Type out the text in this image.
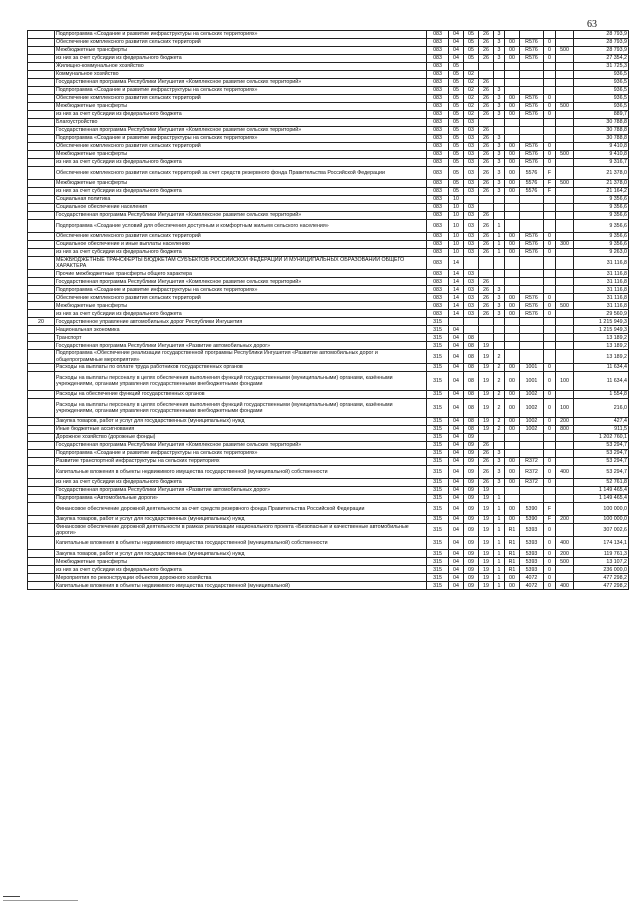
63
	Подпрограмма «Создание и развитие инфраструктуры на сельских территориях»	083	04	05	26	3					28 793,9
	Обеспечение комплексного развития сельских территорий	083	04	05	26	3	00	R576	0		28 793,9
	Межбюджетные трансферты	083	04	05	26	3	00	R576	0	500	28 793,9
	из них за счет субсидии из федерального бюджета	083	04	05	26	3	00	R576	0		27 354,2
	Жилищно-коммунальное хозяйство	083	05								31 725,3
	Коммунальное хозяйство	083	05	02							936,5
	Государственная программа Республики Ингушетия «Комплексное развитие сельских территорий»	083	05	02	26						936,5
	Подпрограмма «Создание и развитие инфраструктуры на сельских территориях»	083	05	02	26	3					936,5
	Обеспечение комплексного развития сельских территорий	083	05	02	26	3	00	R576	0		936,5
	Межбюджетные трансферты	083	05	02	26	3	00	R576	0	500	936,5
	из них за счет субсидии из федерального бюджета	083	05	02	26	3	00	R576	0		889,7
	Благоустройство	083	05	03							30 788,8
	Государственная программа Республики Ингушетия «Комплексное развитие сельских территорий»	083	05	03	26						30 788,8
	Подпрограмма «Создание и развитие инфраструктуры на сельских территориях»	083	05	03	26	3					30 788,8
	Обеспечение комплексного развития сельских территорий	083	05	03	26	3	00	R576	0		9 410,8
	Межбюджетные трансферты	083	05	03	26	3	00	R576	0	500	9 410,8
	из них за счет субсидии из федерального бюджета	083	05	03	26	3	00	R576	0		9 316,7
	Обеспечение комплексного развития сельских территорий за счет средств резервного фонда Правительства Российской Федерации	083	05	03	26	3	00	5576	F		21 378,0
	Межбюджетные трансферты	083	05	03	26	3	00	5576	F	500	21 378,0
	из них за счет субсидии из федерального бюджета	083	05	03	26	3	00	5576	F		21 164,2
	Социальная политика	083	10								9 356,6
	Социальное обеспечение населения	083	10	03							9 356,6
	Государственная программа Республики Ингушетия «Комплексное развитие сельских территорий»	083	10	03	26						9 356,6
	Подпрограмма «Создание условий для обеспечения доступным и комфортным жильем сельского населения»	083	10	03	26	1					9 356,6
	Обеспечение комплексного развития сельских территорий	083	10	03	26	1	00	R576	0		9 356,6
	Социальное обеспечение и иные выплаты населению	083	10	03	26	1	00	R576	0	300	9 356,6
	из них за счет субсидии из федерального бюджета	083	10	03	26	1	00	R576	0		9 263,0
	МЕЖБЮДЖЕТНЫЕ ТРАНСФЕРТЫ БЮДЖЕТАМ СУБЪЕКТОВ РОССИЙСКОЙ ФЕДЕРАЦИИ И МУНИЦИПАЛЬНЫХ ОБРАЗОВАНИЙ ОБЩЕГО ХАРАКТЕРА	083	14								31 116,8
	Прочие межбюджетные трансферты общего характера	083	14	03							31 116,8
	Государственная программа Республики Ингушетия «Комплексное развитие сельских территорий»	083	14	03	26						31 116,8
	Подпрограмма «Создание и развитие инфраструктуры на сельских территориях»	083	14	03	26	3					31 116,8
	Обеспечение комплексного развития сельских территорий	083	14	03	26	3	00	R576	0		31 116,8
	Межбюджетные трансферты	083	14	03	26	3	00	R576	0	500	31 116,8
	из них за счет субсидии из федерального бюджета	083	14	03	26	3	00	R576	0		29 560,9
20	Государственное управление автомобильных дорог Республики Ингушетия	315									1 215 949,3
	Национальная экономика	315	04								1 215 949,3
	Транспорт	315	04	08							13 189,2
	Государственная программа Республики Ингушетия «Развитие автомобильных дорог»	315	04	08	19						13 189,2
	Подпрограмма «Обеспечение реализации государственной программы Республики Ингушетия «Развитие автомобильных дорог и общепрограммные мероприятия»	315	04	08	19	2					13 189,2
	Расходы на выплаты по оплате труда работников государственных органов	315	04	08	19	2	00	1001	0		11 634,4
	Расходы на выплаты персоналу в целях обеспечения выполнения функций государственными (муниципальными) органами, казёнными учреждениями, органами управления государственными внебюджетными фондами	315	04	08	19	2	00	1001	0	100	11 634,4
	Расходы на обеспечение функций государственных органов	315	04	08	19	2	00	1002	0		1 554,8
	Расходы на выплаты персоналу в целях обеспечения выполнения функций государственными (муниципальными) органами, казёнными учреждениями, органами управления государственными внебюджетными фондами	315	04	08	19	2	00	1002	0	100	216,0
	Закупка товаров, работ и услуг для государственных (муниципальных) нужд	315	04	08	19	2	00	1002	0	200	427,4
	Иные бюджетные ассигнования	315	04	08	19	2	00	1002	0	800	911,5
	Дорожное хозяйство (дорожные фонды)	315	04	09							1 202 760,1
	Государственная программа Республики Ингушетия «Комплексное развитие сельских территорий»	315	04	09	26						53 294,7
	Подпрограмма «Создание и развитие инфраструктуры на сельских территориях»	315	04	09	26	3					53 294,7
	Развитие транспортной инфраструктуры на сельских территориях	315	04	09	26	3	00	R372	0		53 294,7
	Капитальные вложения в объекты недвижимого имущества государственной (муниципальной) собственности	315	04	09	26	3	00	R372	0	400	53 294,7
	из них за счет субсидии из федерального бюджета	315	04	09	26	3	00	R372	0		52 761,8
	Государственная программа Республики Ингушетия «Развитие автомобильных дорог»	315	04	09	19						1 149 465,4
	Подпрограмма «Автомобильные дороги»	315	04	09	19	1					1 149 465,4
	Финансовое обеспечение дорожной деятельности за счет средств резервного фонда Правительства Российской Федерации	315	04	09	19	1	00	5390	F		100 000,0
	Закупка товаров, работ и услуг для государственных (муниципальных) нужд	315	04	09	19	1	00	5390	F	200	100 000,0
	Финансовое обеспечение дорожной деятельности в рамках реализации национального проекта «Безопасные и качественные автомобильные дороги»	315	04	09	19	1	R1	5393	0		307 002,6
	Капитальные вложения в объекты недвижимого имущества государственной (муниципальной) собственности	315	04	09	19	1	R1	5393	0	400	174 134,1
	Закупка товаров, работ и услуг для государственных (муниципальных) нужд	315	04	09	19	1	R1	5393	0	200	119 761,3
	Межбюджетные трансферты	315	04	09	19	1	R1	5393	0	500	13 107,2
	из них за счет субсидии из федерального бюджета	315	04	09	19	1	R1	5393	0		236 000,0
	Мероприятия по реконструкции объектов дорожного хозяйства	315	04	09	19	1	00	4072	0		477 298,2
	Капитальные вложения в объекты недвижимого имущества государственной (муниципальной)	315	04	09	19	1	00	4072	0	400	477 298,2
